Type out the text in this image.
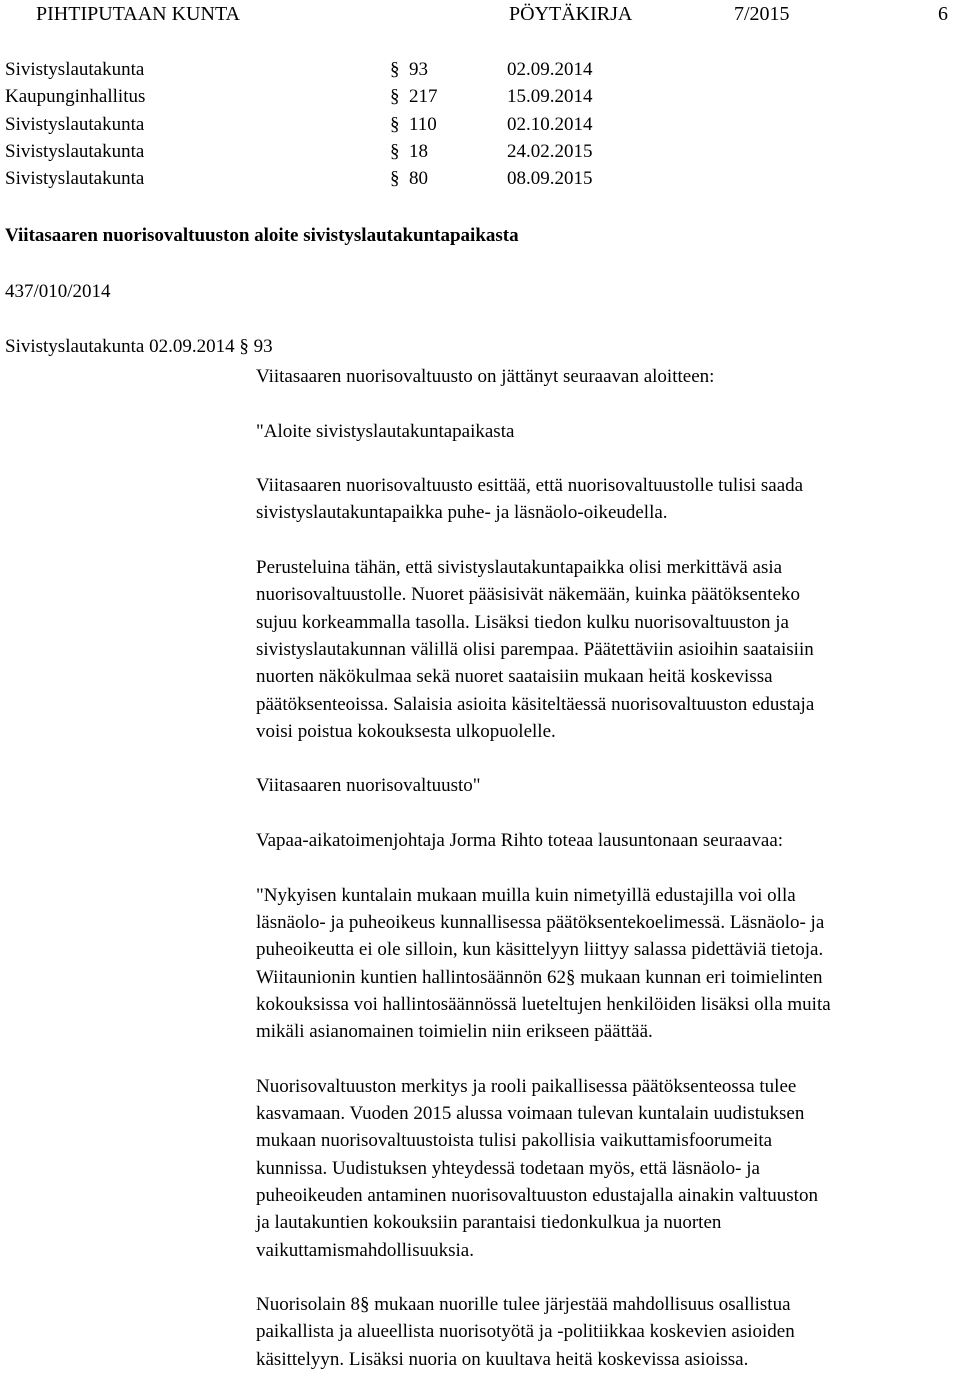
PIHTIPUTAAN KUNTA	PÖYTÄKIRJA	7/2015	6
Sivistyslautakunta	§ 93	02.09.2014
Kaupunginhallitus	§ 217	15.09.2014
Sivistyslautakunta	§ 110	02.10.2014
Sivistyslautakunta	§ 18	24.02.2015
Sivistyslautakunta	§ 80	08.09.2015
Viitasaaren nuorisovaltuuston aloite sivistyslautakuntapaikasta
437/010/2014
Sivistyslautakunta 02.09.2014 § 93

Viitasaaren nuorisovaltuusto on jättänyt seuraavan aloitteen:

"Aloite sivistyslautakuntapaikasta

Viitasaaren nuorisovaltuusto esittää, että nuorisovaltuustolle tulisi saada
sivistyslautakuntapaikka puhe- ja läsnäolo-oikeudella.

Perusteluina tähän, että sivistyslautakuntapaikka olisi merkittävä asia
nuorisovaltuustolle. Nuoret pääsisivät näkemään, kuinka päätöksenteko
sujuu korkeammalla tasolla. Lisäksi tiedon kulku nuorisovaltuuston ja
sivistyslautakunnan välillä olisi parempaa. Päätettäviin asioihin saataisiin
nuorten näkökulmaa sekä nuoret saataisiin mukaan heitä koskevissa
päätöksenteoissa. Salaisia asioita käsiteltäessä nuorisovaltuuston edustaja
voisi poistua kokouksesta ulkopuolelle.

Viitasaaren nuorisovaltuusto"

Vapaa-aikatoimenjohtaja Jorma Rihto toteaa lausuntonaan seuraavaa:

"Nykyisen kuntalain mukaan muilla kuin nimetyillä edustajilla voi olla
läsnäolo- ja puheoikeus kunnallisessa päätöksentekoelimessä. Läsnäolo- ja
puheoikeutta ei ole silloin, kun käsittelyyn liittyy salassa pidettäviä tietoja.
Wiitaunionin kuntien hallintosäännön 62§ mukaan kunnan eri toimielinten
kokouksissa voi hallintosäännössä lueteltujen henkilöiden lisäksi olla muita
mikäli asianomainen toimielin niin erikseen päättää.

Nuorisovaltuuston merkitys ja rooli paikallisessa päätöksenteossa tulee
kasvamaan. Vuoden 2015 alussa voimaan tulevan kuntalain uudistuksen
mukaan nuorisovaltuustoista tulisi pakollisia vaikuttamisfoorumeita
kunnissa. Uudistuksen yhteydessä todetaan myös, että läsnäolo- ja
puheoikeuden antaminen nuorisovaltuuston edustajalla ainakin valtuuston
ja lautakuntien kokouksiin parantaisi tiedonkulkua ja nuorten
vaikuttamismahdollisuuksia.

Nuorisolain 8§ mukaan nuorille tulee järjestää mahdollisuus osallistua
paikallista ja alueellista nuorisotyötä ja -politiikkaa koskevien asioiden
käsittelyyn. Lisäksi nuoria on kuultava heitä koskevissa asioissa.
